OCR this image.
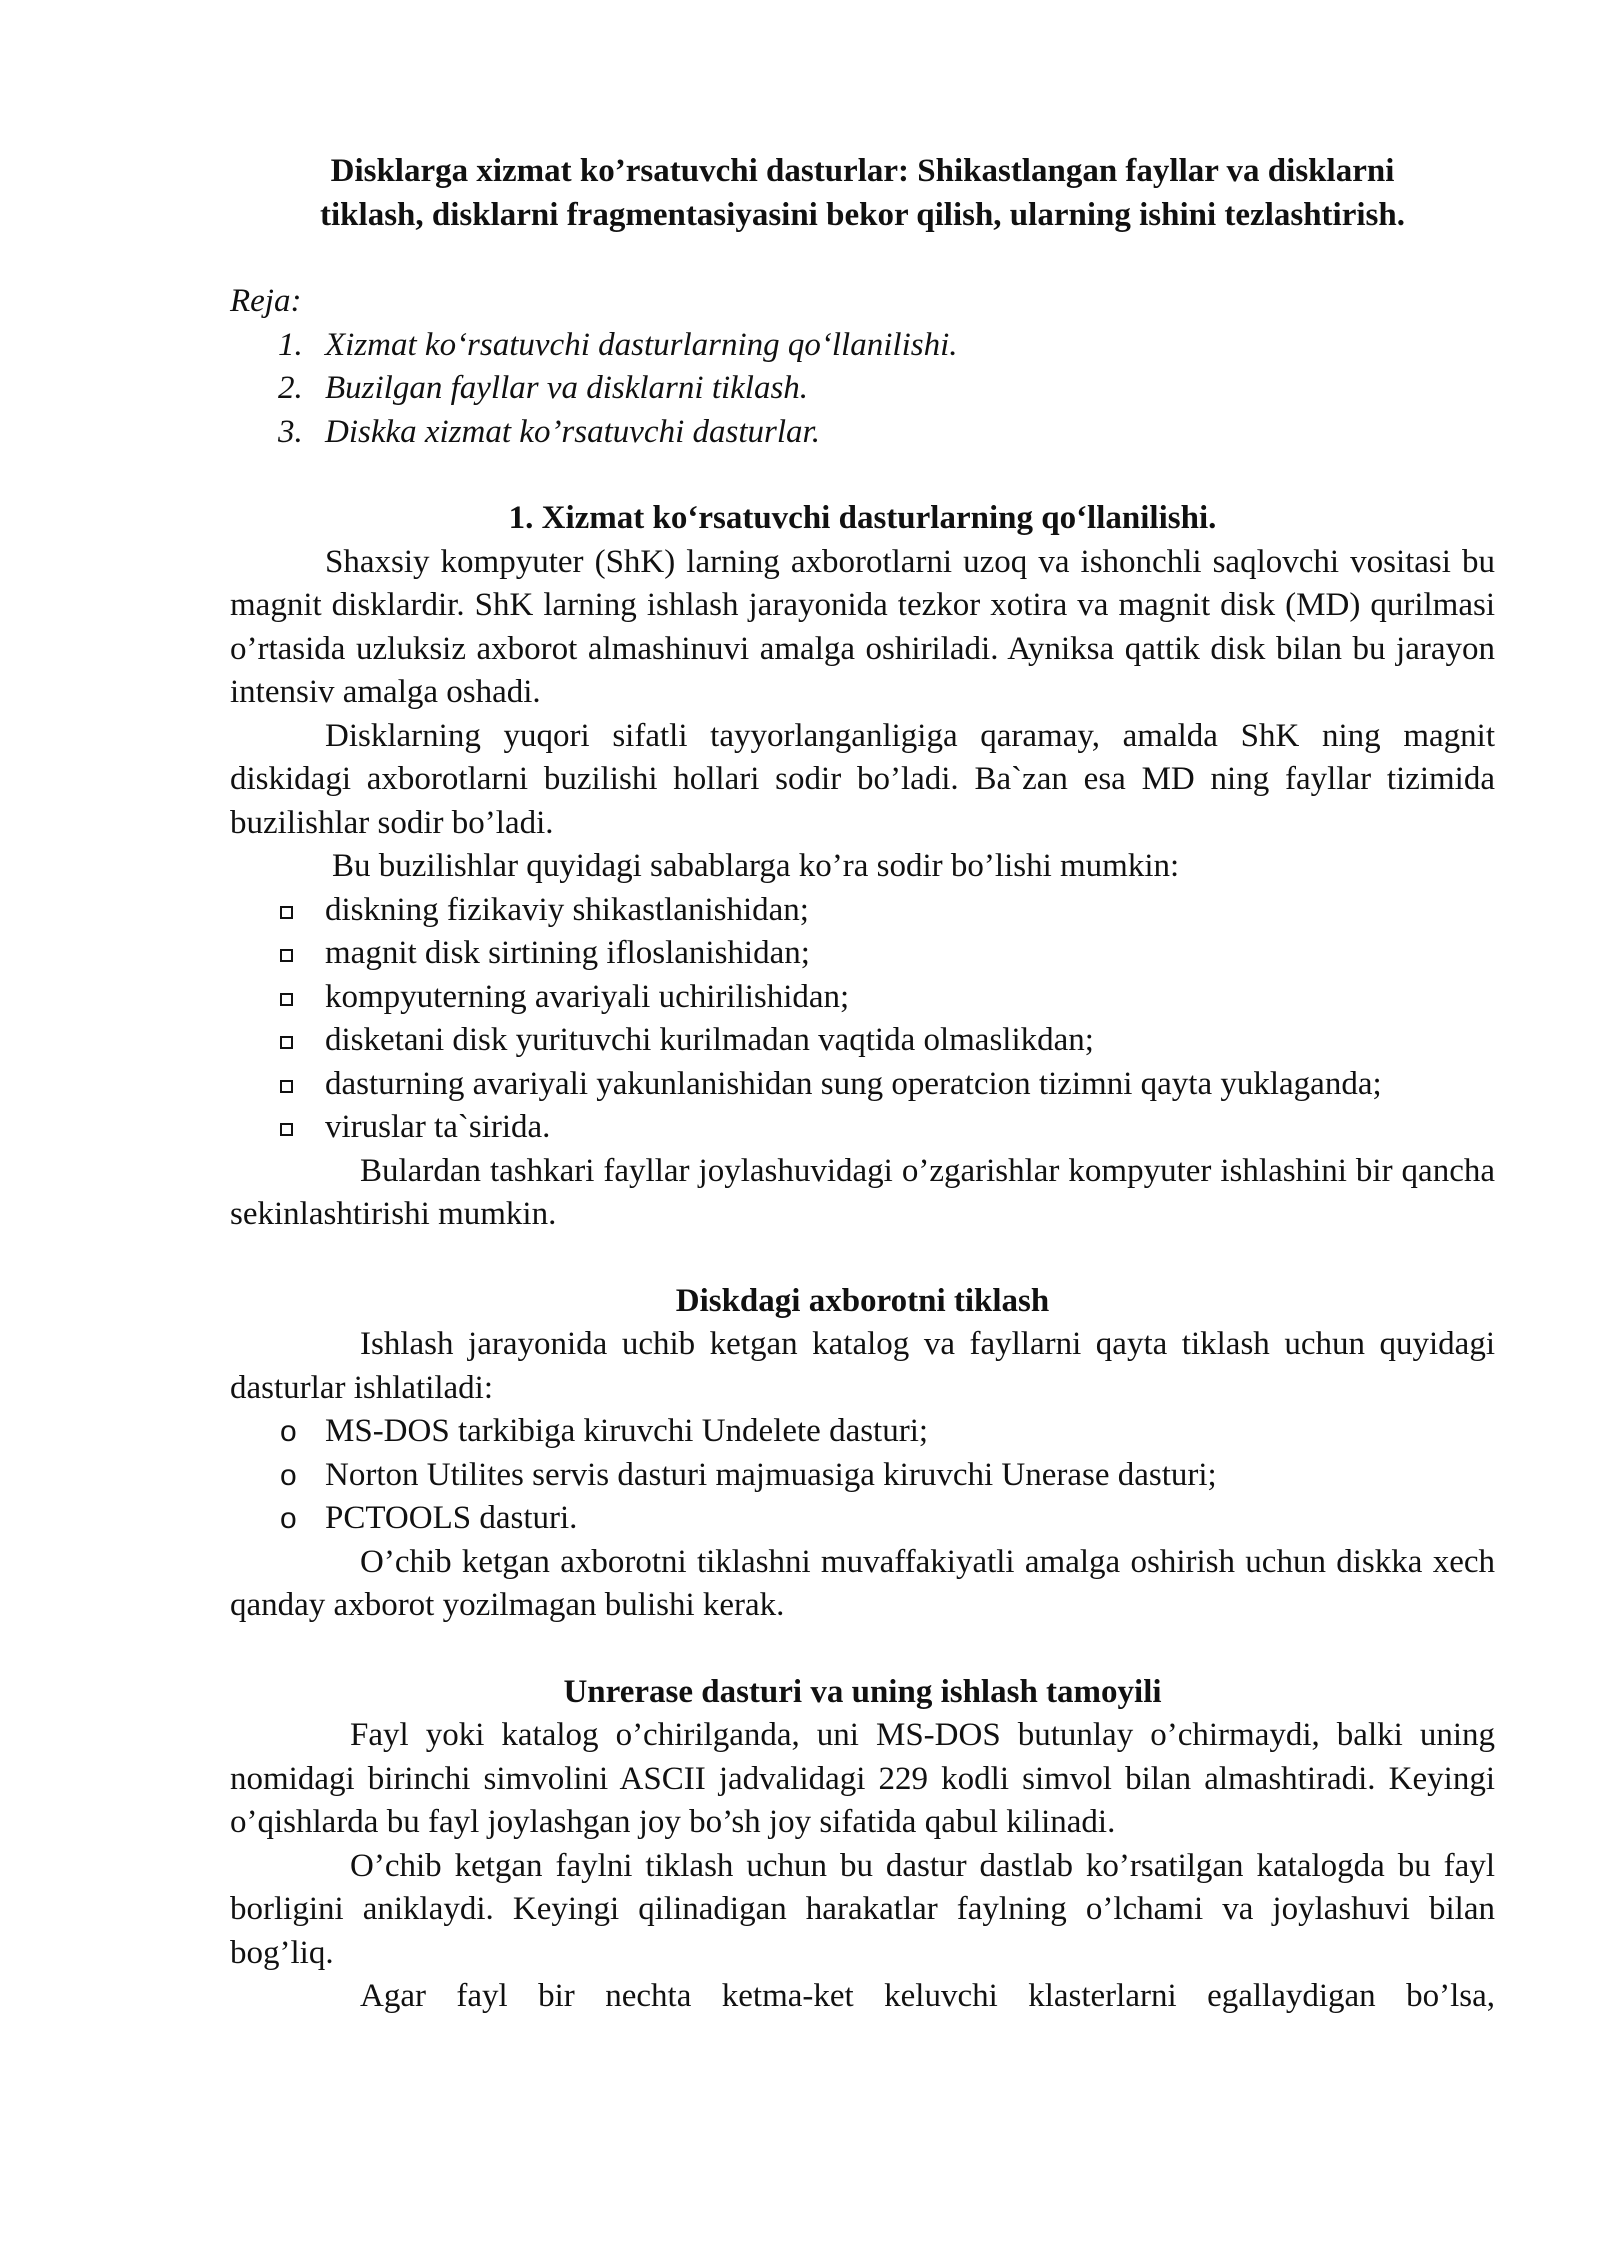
Disklarga xizmat ko’rsatuvchi dasturlar: Shikastlangan fayllar va disklarni
tiklash, disklarni fragmentasiyasini bekor qilish, ularning ishini tezlashtirish.

Reja:

1. Xizmat ko‘rsatuvchi dasturlarning qo‘llanilishi.
2. Buzilgan fayllar va disklarni tiklash.
3. Diskka xizmat ko’rsatuvchi dasturlar.

1. Xizmat ko‘rsatuvchi dasturlarning qo‘llanilishi.

Shaxsiy kompyuter (ShK) larning axborotlarni uzoq va ishonchli saqlovchi vositasi bu magnit disklardir. ShK larning ishlash jarayonida tezkor xotira va magnit disk (MD) qurilmasi o’rtasida uzluksiz axborot almashinuvi amalga oshiriladi. Ayniksa qattik disk bilan bu jarayon intensiv amalga oshadi.

Disklarning yuqori sifatli tayyorlanganligiga qaramay, amalda ShK ning magnit diskidagi axborotlarni buzilishi hollari sodir bo’ladi. Ba`zan esa MD ning fayllar tizimida buzilishlar sodir bo’ladi.

Bu buzilishlar quyidagi sabablarga ko’ra sodir bo’lishi mumkin:

diskning fizikaviy shikastlanishidan;
magnit disk sirtining ifloslanishidan;
kompyuterning avariyali uchirilishidan;
disketani disk yurituvchi kurilmadan vaqtida olmaslikdan;
dasturning avariyali yakunlanishidan sung operatcion tizimni qayta yuklaganda;
viruslar ta`sirida.

Bulardan tashkari fayllar joylashuvidagi o’zgarishlar kompyuter ishlashini bir qancha sekinlashtirishi mumkin.

Diskdagi axborotni tiklash

Ishlash jarayonida uchib ketgan katalog va fayllarni qayta tiklash uchun quyidagi dasturlar ishlatiladi:

o MS-DOS tarkibiga kiruvchi Undelete dasturi;
o Norton Utilites servis dasturi majmuasiga kiruvchi Unerase dasturi;
o PCTOOLS dasturi.

O’chib ketgan axborotni tiklashni muvaffakiyatli amalga oshirish uchun diskka xech qanday axborot yozilmagan bulishi kerak.

Unrerase dasturi va uning ishlash tamoyili

Fayl yoki katalog o’chirilganda, uni MS-DOS butunlay o’chirmaydi, balki uning nomidagi birinchi simvolini ASCII jadvalidagi 229 kodli simvol bilan almashtiradi. Keyingi o’qishlarda bu fayl joylashgan joy bo’sh joy sifatida qabul kilinadi.

O’chib ketgan faylni tiklash uchun bu dastur dastlab ko’rsatilgan katalogda bu fayl borligini aniklaydi. Keyingi qilinadigan harakatlar faylning o’lchami va joylashuvi bilan bog’liq.

Agar fayl bir nechta ketma-ket keluvchi klasterlarni egallaydigan bo’lsa,
